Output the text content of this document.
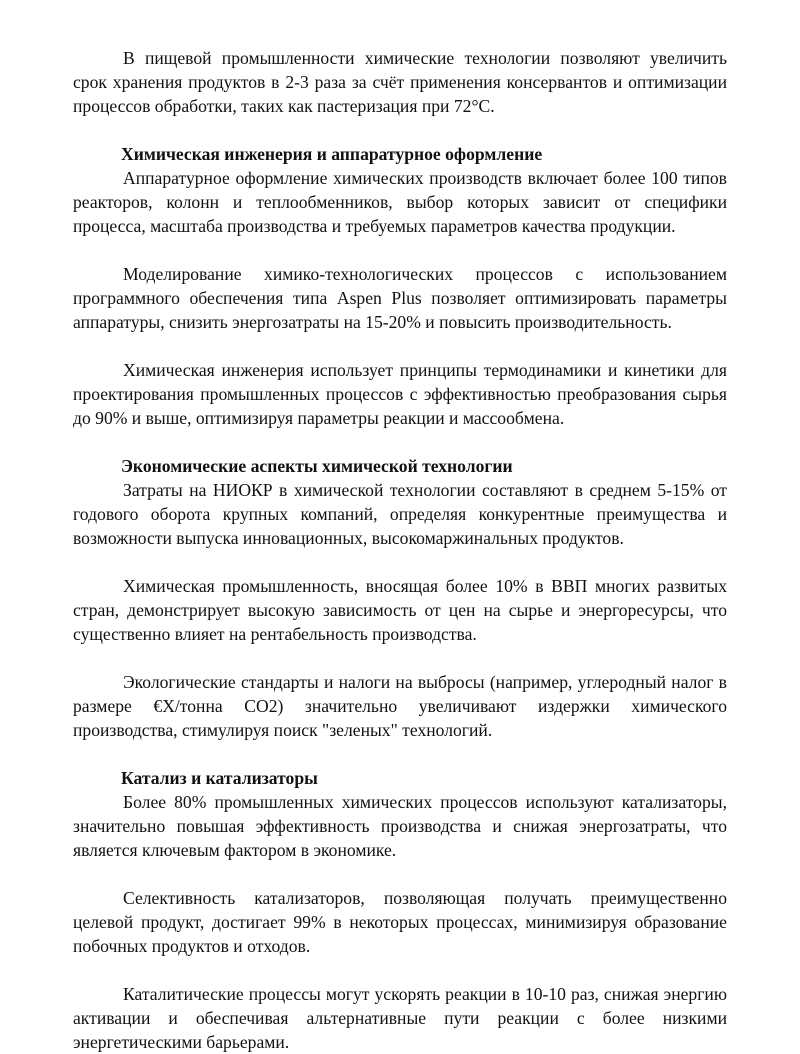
В пищевой промышленности химические технологии позволяют увеличить срок хранения продуктов в 2-3 раза за счёт применения консервантов и оптимизации процессов обработки, таких как пастеризация при 72°C.

Химическая инженерия и аппаратурное оформление

Аппаратурное оформление химических производств включает более 100 типов реакторов, колонн и теплообменников, выбор которых зависит от специфики процесса, масштаба производства и требуемых параметров качества продукции.

Моделирование химико-технологических процессов с использованием программного обеспечения типа Aspen Plus позволяет оптимизировать параметры аппаратуры, снизить энергозатраты на 15-20% и повысить производительность.

Химическая инженерия использует принципы термодинамики и кинетики для проектирования промышленных процессов с эффективностью преобразования сырья до 90% и выше, оптимизируя параметры реакции и массообмена.

Экономические аспекты химической технологии

Затраты на НИОКР в химической технологии составляют в среднем 5-15% от годового оборота крупных компаний, определяя конкурентные преимущества и возможности выпуска инновационных, высокомаржинальных продуктов.

Химическая промышленность, вносящая более 10% в ВВП многих развитых стран, демонстрирует высокую зависимость от цен на сырье и энергоресурсы, что существенно влияет на рентабельность производства.

Экологические стандарты и налоги на выбросы (например, углеродный налог в размере €X/тонна CO2) значительно увеличивают издержки химического производства, стимулируя поиск "зеленых" технологий.

Катализ и катализаторы

Более 80% промышленных химических процессов используют катализаторы, значительно повышая эффективность производства и снижая энергозатраты, что является ключевым фактором в экономике.

Селективность катализаторов, позволяющая получать преимущественно целевой продукт, достигает 99% в некоторых процессах, минимизируя образование побочных продуктов и отходов.

Каталитические процессы могут ускорять реакции в 10-10 раз, снижая энергию активации и обеспечивая альтернативные пути реакции с более низкими энергетическими барьерами.
